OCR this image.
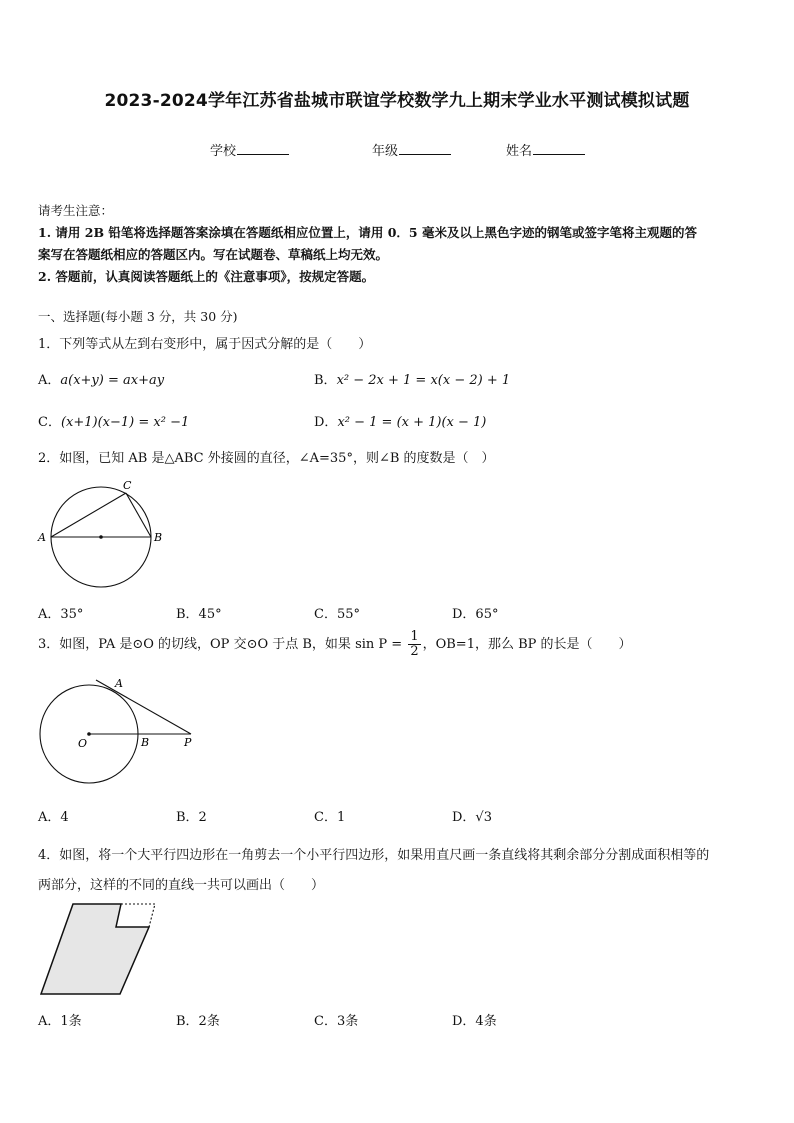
2023-2024学年江苏省盐城市联谊学校数学九上期末学业水平测试模拟试题
学校	年级	姓名
请考生注意：
1. 请用 2B 铅笔将选择题答案涂填在答题纸相应位置上，请用 0．5 毫米及以上黑色字迹的钢笔或签字笔将主观题的答
案写在答题纸相应的答题区内。写在试题卷、草稿纸上均无效。
2. 答题前，认真阅读答题纸上的《注意事项》，按规定答题。
一、选择题(每小题 3 分，共 30 分)
1．下列等式从左到右变形中，属于因式分解的是（　　）
A．a(x+y) = ax+ay	B．x² − 2x + 1 = x(x − 2) + 1
C．(x+1)(x−1) = x² −1	D．x² − 1 = (x + 1)(x − 1)
2．如图，已知 AB 是△ABC 外接圆的直径，∠A=35°，则∠B 的度数是（　）
A	B
C
A．35°	B．45°	C．55°	D．65°
3．如图，PA 是⊙O 的切线，OP 交⊙O 于点 B，如果 $\sin P = \frac{1}{2}$ ，OB=1，那么 BP 的长是（　　）
O
A
B	P
A．4	B．2	C．1	D．√3
4．如图，将一个大平行四边形在一角剪去一个小平行四边形，如果用直尺画一条直线将其剩余部分分割成面积相等的
两部分，这样的不同的直线一共可以画出（　　）
A．1条	B．2条	C．3条	D．4条
